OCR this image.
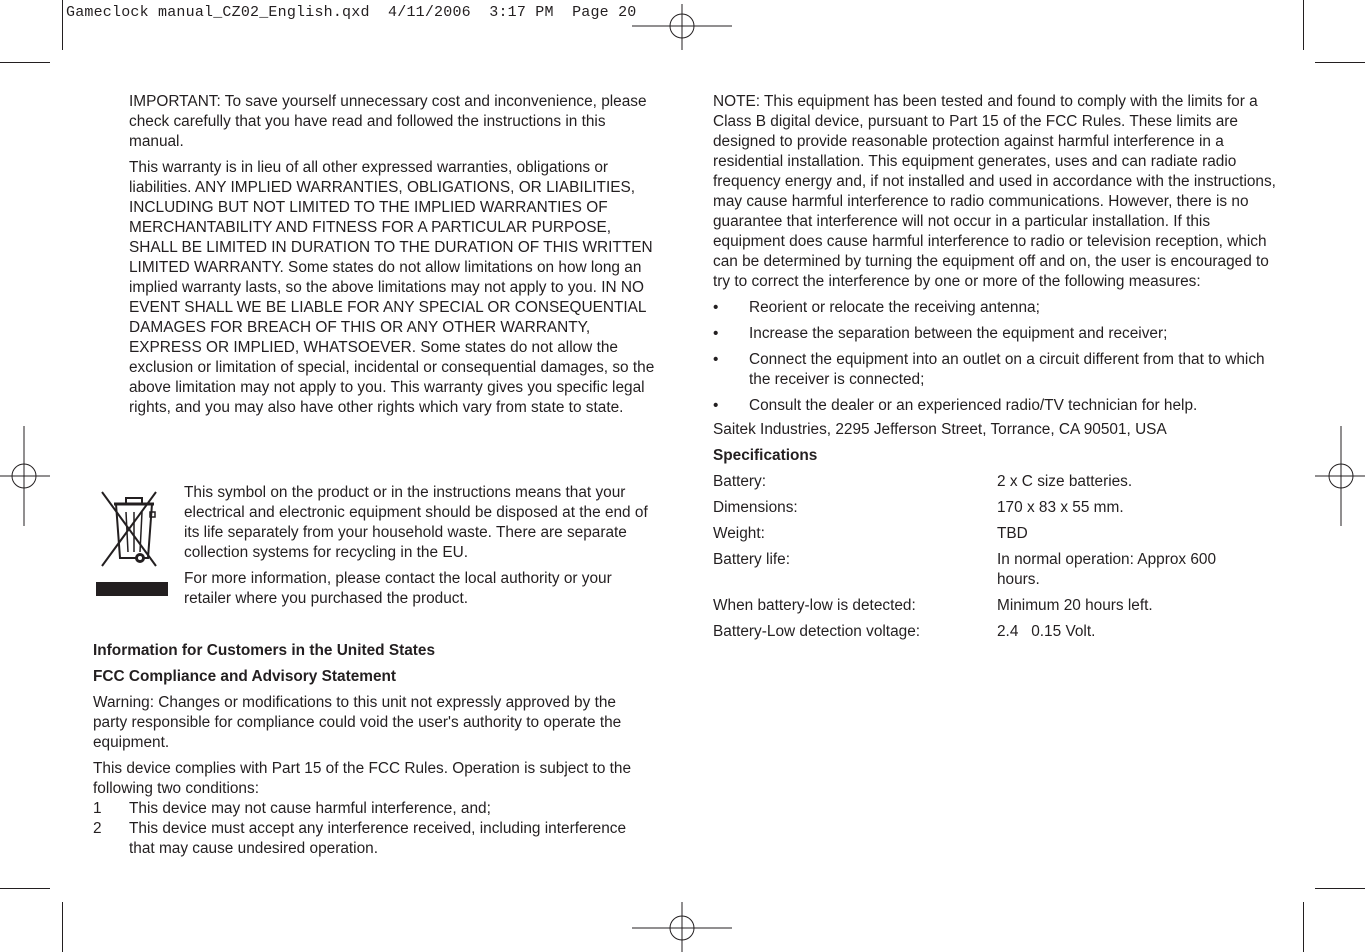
Gameclock manual_CZ02_English.qxd  4/11/2006  3:17 PM  Page 20

IMPORTANT: To save yourself unnecessary cost and inconvenience, please check carefully that you have read and followed the instructions in this manual.

This warranty is in lieu of all other expressed warranties, obligations or liabilities. ANY IMPLIED WARRANTIES, OBLIGATIONS, OR LIABILITIES, INCLUDING BUT NOT LIMITED TO THE IMPLIED WARRANTIES OF MERCHANTABILITY AND FITNESS FOR A PARTICULAR PURPOSE, SHALL BE LIMITED IN DURATION TO THE DURATION OF THIS WRITTEN LIMITED WARRANTY. Some states do not allow limitations on how long an implied warranty lasts, so the above limitations may not apply to you. IN NO EVENT SHALL WE BE LIABLE FOR ANY SPECIAL OR CONSEQUENTIAL DAMAGES FOR BREACH OF THIS OR ANY OTHER WARRANTY, EXPRESS OR IMPLIED, WHATSOEVER. Some states do not allow the exclusion or limitation of special, incidental or consequential damages, so the above limitation may not apply to you. This warranty gives you specific legal rights, and you may also have other rights which vary from state to state.

This symbol on the product or in the instructions means that your electrical and electronic equipment should be disposed at the end of its life separately from your household waste. There are separate collection systems for recycling in the EU.

For more information, please contact the local authority or your retailer where you purchased the product.

Information for Customers in the United States

FCC Compliance and Advisory Statement

Warning: Changes or modifications to this unit not expressly approved by the party responsible for compliance could void the user's authority to operate the equipment.

This device complies with Part 15 of the FCC Rules. Operation is subject to the following two conditions:

1	This device may not cause harmful interference, and;
2	This device must accept any interference received, including interference that may cause undesired operation.

NOTE: This equipment has been tested and found to comply with the limits for a Class B digital device, pursuant to Part 15 of the FCC Rules. These limits are designed to provide reasonable protection against harmful interference in a residential installation. This equipment generates, uses and can radiate radio frequency energy and, if not installed and used in accordance with the instructions, may cause harmful interference to radio communications. However, there is no guarantee that interference will not occur in a particular installation. If this equipment does cause harmful interference to radio or television reception, which can be determined by turning the equipment off and on, the user is encouraged to try to correct the interference by one or more of the following measures:

•	Reorient or relocate the receiving antenna;
•	Increase the separation between the equipment and receiver;
•	Connect the equipment into an outlet on a circuit different from that to which the receiver is connected;
•	Consult the dealer or an experienced radio/TV technician for help.

Saitek Industries, 2295 Jefferson Street, Torrance, CA 90501, USA

Specifications

Battery:	2 x C size batteries.
Dimensions:	170 x 83 x 55 mm.
Weight:	TBD
Battery life:	In normal operation: Approx 600 hours.
When battery-low is detected:	Minimum 20 hours left.
Battery-Low detection voltage:	2.4   0.15 Volt.
